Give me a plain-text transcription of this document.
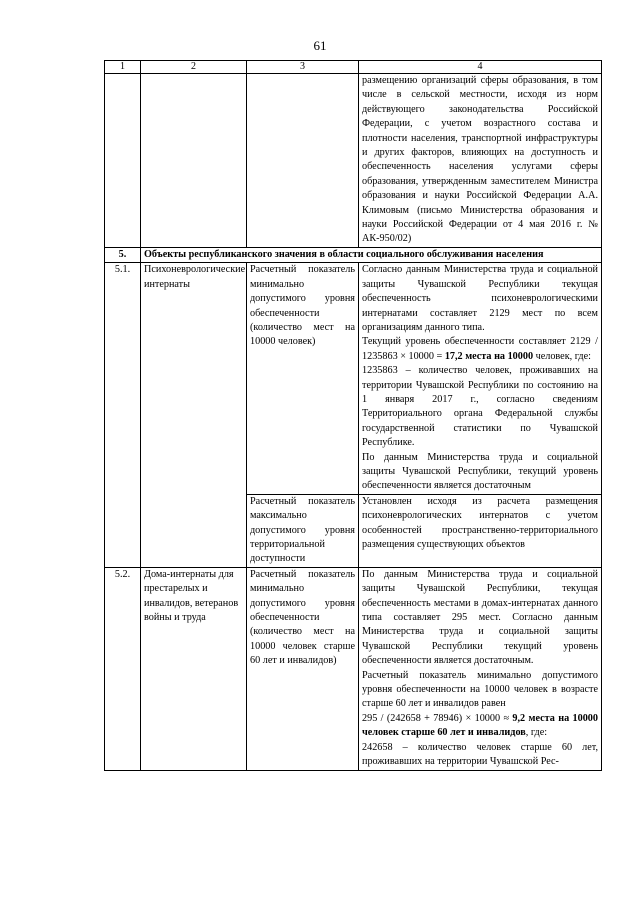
61
1	2	3	4
			размещению организаций сферы образования, в том числе в сельской местности, исходя из норм действующего законодательства Российской Федерации, с учетом возрастного состава и плотности населения, транспортной инфраструктуры и других факторов, влияющих на доступность и обеспеченность населения услугами сферы образования, утвержденным заместителем Министра образования и науки Российской Федерации А.А. Климовым (письмо Министерства образования и науки Российской Федерации от 4 мая 2016 г. № АК-950/02)
5.	Объекты республиканского значения в области социального обслуживания населения		
5.1.	Психоневрологические интернаты	Расчетный показатель минимально допустимого уровня обеспеченности (количество мест на 10000 человек)	Согласно данным Министерства труда и социальной защиты Чувашской Республики текущая обеспеченность психоневрологическими интернатами составляет 2129 мест по всем организациям данного типа.

Текущий уровень обеспеченности составляет 2129 / 1235863 × 10000 = 17,2 места на 10000 человек, где:

1235863 – количество человек, проживавших на территории Чувашской Республики по состоянию на 1 января 2017 г., согласно сведениям Территориального органа Федеральной службы государственной статистики по Чувашской Республике.

По данным Министерства труда и социальной защиты Чувашской Республики, текущий уровень обеспеченности является достаточным

		Расчетный показатель максимально допустимого уровня территориальной доступности	Установлен исходя из расчета размещения психоневрологических интернатов с учетом особенностей пространственно-территориального размещения существующих объектов
5.2.	Дома-интернаты для престарелых и инвалидов, ветеранов войны и труда	Расчетный показатель минимально допустимого уровня обеспеченности (количество мест на 10000 человек старше 60 лет и инвалидов)	По данным Министерства труда и социальной защиты Чувашской Республики, текущая обеспеченность местами в домах-интернатах данного типа составляет 295 мест. Согласно данным Министерства труда и социальной защиты Чувашской Республики текущий уровень обеспеченности является достаточным.

Расчетный показатель минимально допустимого уровня обеспеченности на 10000 человек в возрасте старше 60 лет и инвалидов равен

295 / (242658 + 78946) × 10000 ≈ 9,2 места на 10000 человек старше 60 лет и инвалидов, где:

242658 – количество человек старше 60 лет, проживавших на территории Чувашской Рес-
